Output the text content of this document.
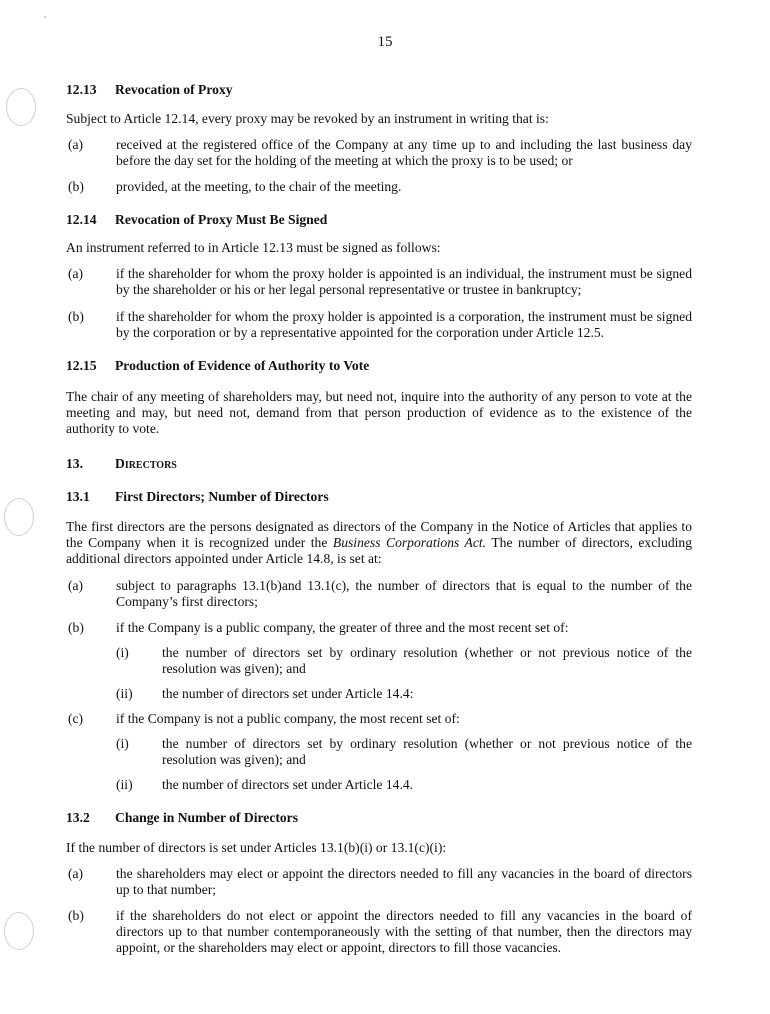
15
12.13 Revocation of Proxy
Subject to Article 12.14, every proxy may be revoked by an instrument in writing that is:
(a) received at the registered office of the Company at any time up to and including the last business day before the day set for the holding of the meeting at which the proxy is to be used; or
(b) provided, at the meeting, to the chair of the meeting.
12.14 Revocation of Proxy Must Be Signed
An instrument referred to in Article 12.13 must be signed as follows:
(a) if the shareholder for whom the proxy holder is appointed is an individual, the instrument must be signed by the shareholder or his or her legal personal representative or trustee in bankruptcy;
(b) if the shareholder for whom the proxy holder is appointed is a corporation, the instrument must be signed by the corporation or by a representative appointed for the corporation under Article 12.5.
12.15 Production of Evidence of Authority to Vote
The chair of any meeting of shareholders may, but need not, inquire into the authority of any person to vote at the meeting and may, but need not, demand from that person production of evidence as to the existence of the authority to vote.
13. Directors
13.1 First Directors; Number of Directors
The first directors are the persons designated as directors of the Company in the Notice of Articles that applies to the Company when it is recognized under the Business Corporations Act. The number of directors, excluding additional directors appointed under Article 14.8, is set at:
(a) subject to paragraphs 13.1(b)and 13.1(c), the number of directors that is equal to the number of the Company’s first directors;
(b) if the Company is a public company, the greater of three and the most recent set of:
(i) the number of directors set by ordinary resolution (whether or not previous notice of the resolution was given); and
(ii) the number of directors set under Article 14.4:
(c) if the Company is not a public company, the most recent set of:
(i) the number of directors set by ordinary resolution (whether or not previous notice of the resolution was given); and
(ii) the number of directors set under Article 14.4.
13.2 Change in Number of Directors
If the number of directors is set under Articles 13.1(b)(i) or 13.1(c)(i):
(a) the shareholders may elect or appoint the directors needed to fill any vacancies in the board of directors up to that number;
(b) if the shareholders do not elect or appoint the directors needed to fill any vacancies in the board of directors up to that number contemporaneously with the setting of that number, then the directors may appoint, or the shareholders may elect or appoint, directors to fill those vacancies.
